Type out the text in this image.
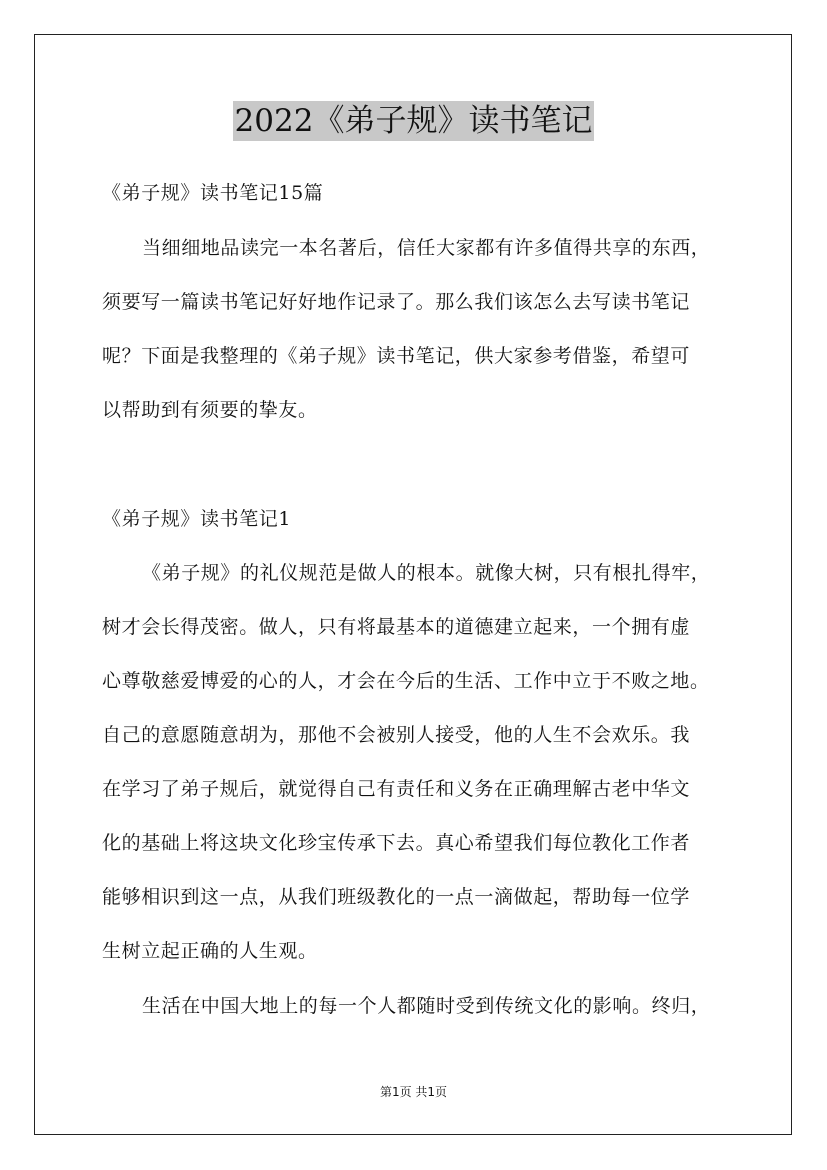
2022《弟子规》读书笔记

《弟子规》读书笔记15篇

当细细地品读完一本名著后，信任大家都有许多值得共享的东西，
须要写一篇读书笔记好好地作记录了。那么我们该怎么去写读书笔记
呢？下面是我整理的《弟子规》读书笔记，供大家参考借鉴，希望可
以帮助到有须要的挚友。

《弟子规》读书笔记1

《弟子规》的礼仪规范是做人的根本。就像大树，只有根扎得牢，
树才会长得茂密。做人，只有将最基本的道德建立起来，一个拥有虚
心尊敬慈爱博爱的心的人，才会在今后的生活、工作中立于不败之地。
自己的意愿随意胡为，那他不会被别人接受，他的人生不会欢乐。我
在学习了弟子规后，就觉得自己有责任和义务在正确理解古老中华文
化的基础上将这块文化珍宝传承下去。真心希望我们每位教化工作者
能够相识到这一点，从我们班级教化的一点一滴做起，帮助每一位学
生树立起正确的人生观。
生活在中国大地上的每一个人都随时受到传统文化的影响。终归，
第1页 共1页
